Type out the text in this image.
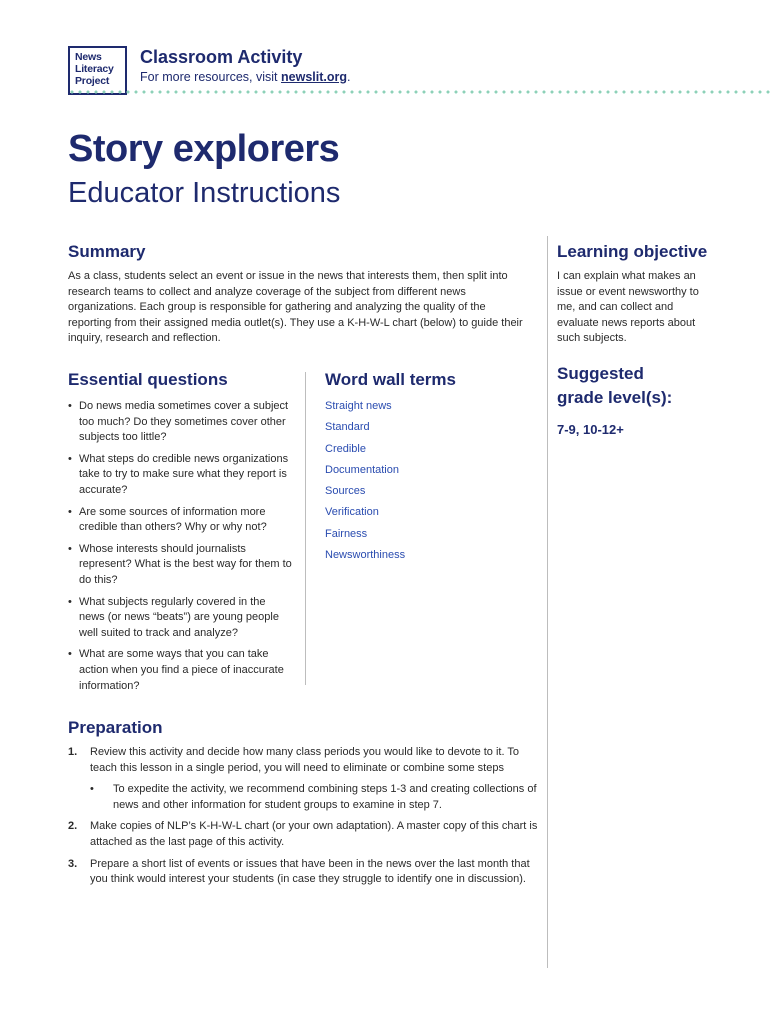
News
Literacy
Project
Classroom Activity
For more resources, visit newslit.org.
Story explorers
Educator Instructions
Summary
As a class, students select an event or issue in the news that interests them, then split into research teams to collect and analyze coverage of the subject from different news organizations. Each group is responsible for gathering and analyzing the quality of the reporting from their assigned media outlet(s). They use a K-H-W-L chart (below) to guide their inquiry, research and reflection.
Learning objective
I can explain what makes an issue or event newsworthy to me, and can collect and evaluate news reports about such subjects.
Suggested
grade level(s):
7-9, 10-12+
Essential questions
• Do news media sometimes cover a subject too much? Do they sometimes cover other subjects too little?
• What steps do credible news organizations take to try to make sure what they report is accurate?
• Are some sources of information more credible than others? Why or why not?
• Whose interests should journalists represent? What is the best way for them to do this?
• What subjects regularly covered in the news (or news “beats”) are young people well suited to track and analyze?
• What are some ways that you can take action when you find a piece of inaccurate information?
Word wall terms
Straight news
Standard
Credible
Documentation
Sources
Verification
Fairness
Newsworthiness
Preparation
1. Review this activity and decide how many class periods you would like to devote to it. To teach this lesson in a single period, you will need to eliminate or combine some steps
• To expedite the activity, we recommend combining steps 1-3 and creating collections of news and other information for student groups to examine in step 7.
2. Make copies of NLP’s K-H-W-L chart (or your own adaptation). A master copy of this chart is attached as the last page of this activity.
3. Prepare a short list of events or issues that have been in the news over the last month that you think would interest your students (in case they struggle to identify one in discussion).
